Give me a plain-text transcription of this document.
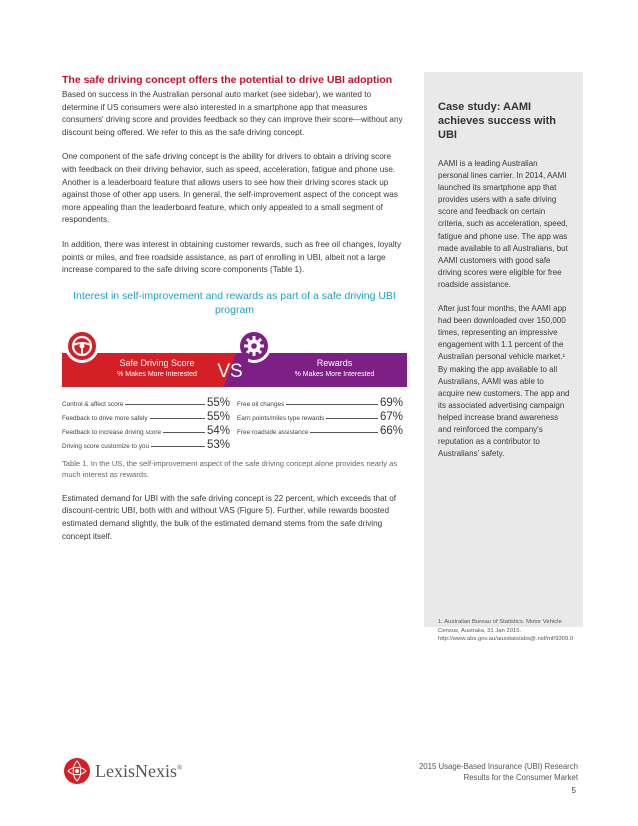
The safe driving concept offers the potential to drive UBI adoption

Based on success in the Australian personal auto market (see sidebar), we wanted to determine if US consumers were also interested in a smartphone app that measures consumers' driving score and provides feedback so they can improve their score—without any discount being offered. We refer to this as the safe driving concept.

One component of the safe driving concept is the ability for drivers to obtain a driving score with feedback on their driving behavior, such as speed, acceleration, fatigue and phone use. Another is a leaderboard feature that allows users to see how their driving scores stack up against those of other app users. In general, the self-improvement aspect of the concept was more appealing than the leaderboard feature, which only appealed to a small segment of respondents.

In addition, there was interest in obtaining customer rewards, such as free oil changes, loyalty points or miles, and free roadside assistance, as part of enrolling in UBI, albeit not a large increase compared to the safe driving score components (Table 1).

Interest in self-improvement and rewards as part of a safe driving UBI program
Safe Driving Score
% Makes More Interested
Rewards
% Makes More Interested
VS
Control & affect score	55%
Feedback to drive more safely	55%
Feedback to increase driving score	54%
Driving score customize to you	53%
Free oil changes	69%
Earn points/miles type rewards	67%
Free roadside assistance	66%

Table 1. In the US, the self-improvement aspect of the safe driving concept alone provides nearly as much interest as rewards.

Estimated demand for UBI with the safe driving concept is 22 percent, which exceeds that of discount-centric UBI, both with and without VAS (Figure 5). Further, while rewards boosted estimated demand slightly, the bulk of the estimated demand stems from the safe driving concept itself.

Case study: AAMI achieves success with UBI

AAMI is a leading Australian personal lines carrier. In 2014, AAMI launched its smartphone app that provides users with a safe driving score and feedback on certain criteria, such as acceleration, speed, fatigue and phone use. The app was made available to all Australians, but AAMI customers with good safe driving scores were eligible for free roadside assistance.

After just four months, the AAMI app had been downloaded over 150,000 times, representing an impressive engagement with 1.1 percent of the Australian personal vehicle market.¹ By making the app available to all Australians, AAMI was able to acquire new customers. The app and its associated advertising campaign helped increase brand awareness and reinforced the company's reputation as a contributor to Australians' safety.

1. Australian Bureau of Statistics. Motor Vehicle Census, Australia, 31 Jan 2015. http://www.abs.gov.au/ausstats/abs@.nsf/mf/9309.0

LexisNexis®	2015 Usage-Based Insurance (UBI) Research
Results for the Consumer Market
5
